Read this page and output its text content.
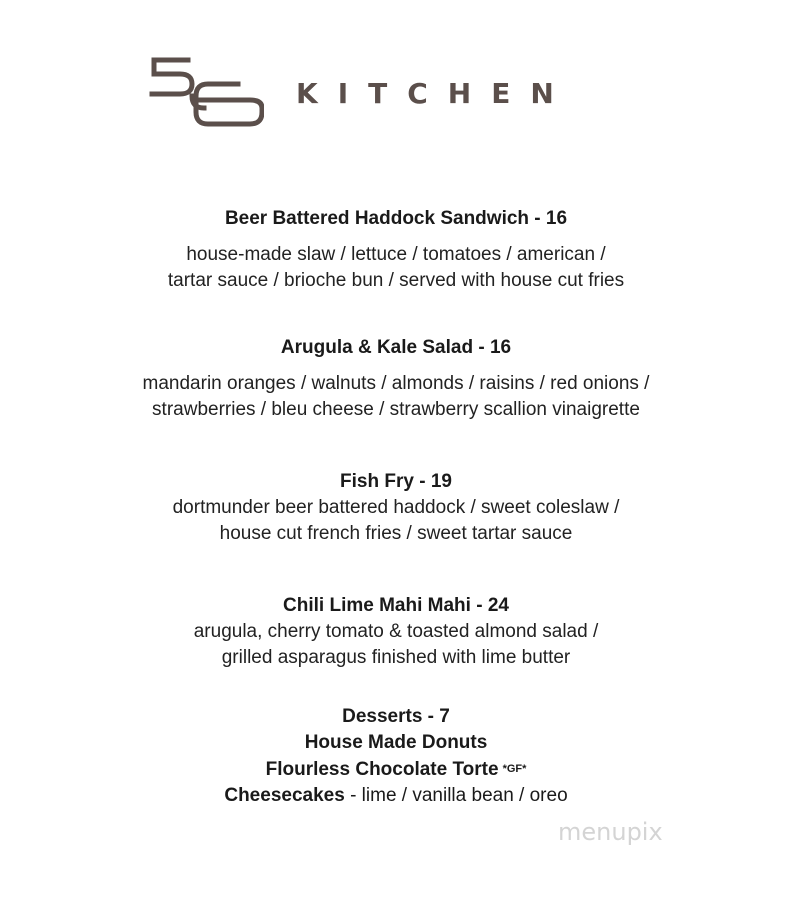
KITCHEN
Beer Battered Haddock Sandwich - 16
house-made slaw / lettuce / tomatoes / american /
tartar sauce / brioche bun / served with house cut fries
Arugula & Kale Salad - 16
mandarin oranges / walnuts / almonds / raisins / red onions /
strawberries / bleu cheese / strawberry scallion vinaigrette
Fish Fry - 19
dortmunder beer battered haddock / sweet coleslaw /
house cut french fries / sweet tartar sauce
Chili Lime Mahi Mahi - 24
arugula, cherry tomato & toasted almond salad /
grilled asparagus finished with lime butter
Desserts - 7
House Made Donuts
Flourless Chocolate Torte *GF*
Cheesecakes - lime / vanilla bean / oreo
menupix
